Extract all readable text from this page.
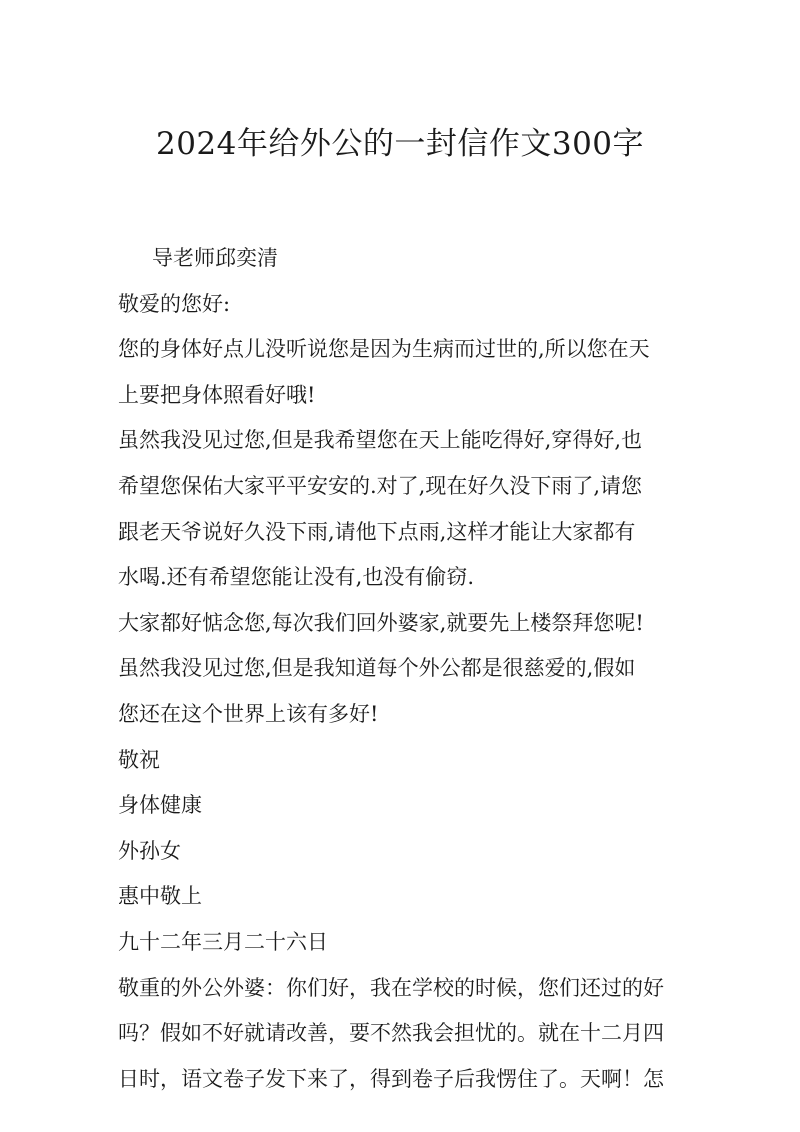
2024年给外公的一封信作文300字

导老师邱奕清

敬爱的您好:

您的身体好点儿没听说您是因为生病而过世的,所以您在天

上要把身体照看好哦!

虽然我没见过您,但是我希望您在天上能吃得好,穿得好,也

希望您保佑大家平平安安的.对了,现在好久没下雨了,请您

跟老天爷说好久没下雨,请他下点雨,这样才能让大家都有

水喝.还有希望您能让没有,也没有偷窃.

大家都好惦念您,每次我们回外婆家,就要先上楼祭拜您呢!

虽然我没见过您,但是我知道每个外公都是很慈爱的,假如

您还在这个世界上该有多好!

敬祝

身体健康

外孙女

惠中敬上

九十二年三月二十六日

敬重的外公外婆：你们好，我在学校的时候，您们还过的好

吗？假如不好就请改善，要不然我会担忧的。就在十二月四

日时，语文卷子发下来了，得到卷子后我愣住了。天啊！怎
